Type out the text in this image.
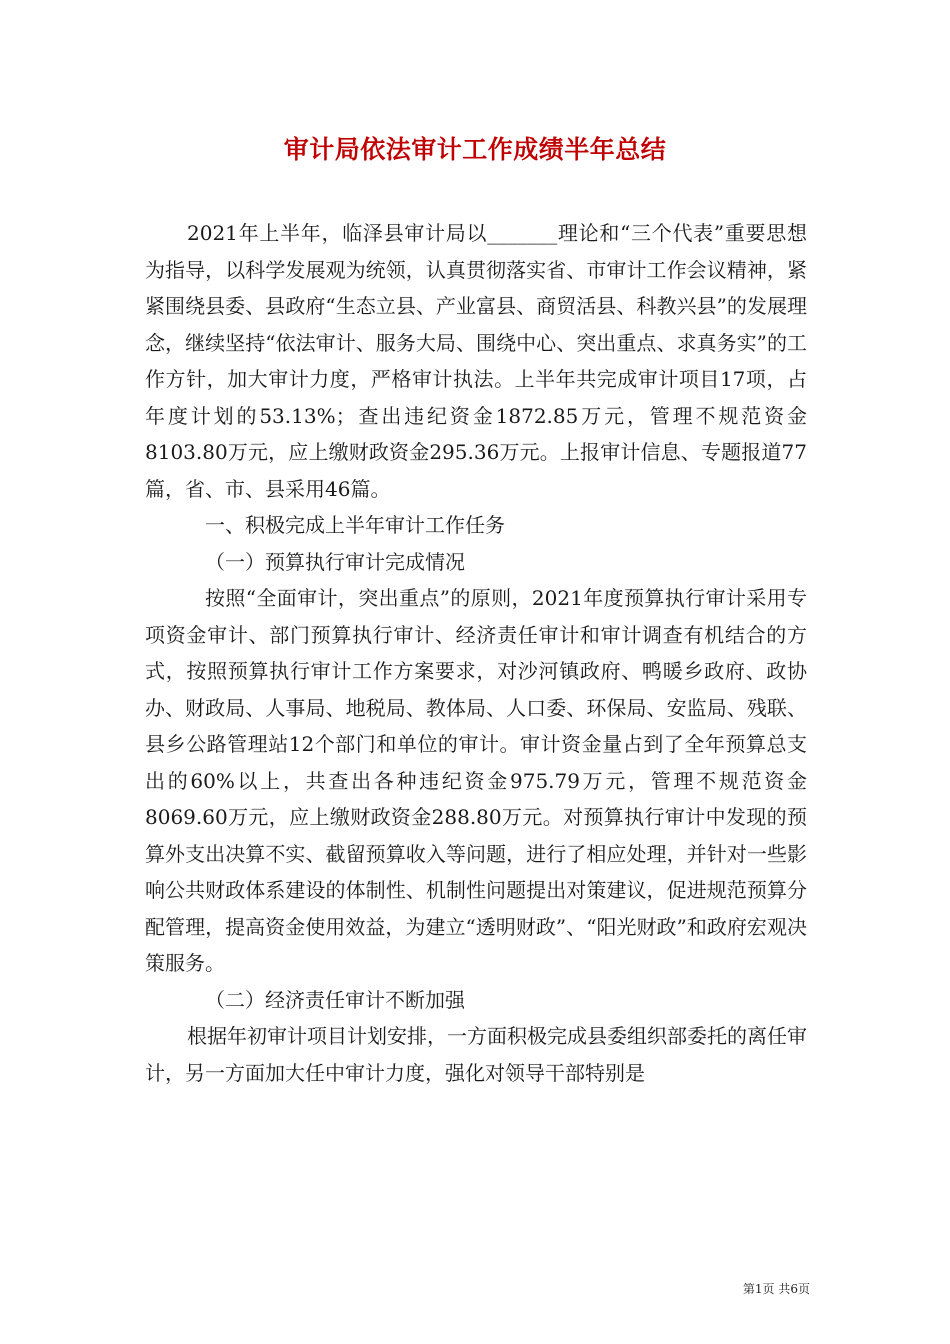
审计局依法审计工作成绩半年总结

2021年上半年，临泽县审计局以_______理论和“三个代表”重要思想为指导，以科学发展观为统领，认真贯彻落实省、市审计工作会议精神，紧紧围绕县委、县政府“生态立县、产业富县、商贸活县、科教兴县”的发展理念，继续坚持“依法审计、服务大局、围绕中心、突出重点、求真务实”的工作方针，加大审计力度，严格审计执法。上半年共完成审计项目17项，占年度计划的53.13%；查出违纪资金1872.85万元，管理不规范资金8103.80万元，应上缴财政资金295.36万元。上报审计信息、专题报道77篇，省、市、县采用46篇。

一、积极完成上半年审计工作任务

（一）预算执行审计完成情况

按照“全面审计，突出重点”的原则，2021年度预算执行审计采用专项资金审计、部门预算执行审计、经济责任审计和审计调查有机结合的方式，按照预算执行审计工作方案要求，对沙河镇政府、鸭暖乡政府、政协办、财政局、人事局、地税局、教体局、人口委、环保局、安监局、残联、县乡公路管理站12个部门和单位的审计。审计资金量占到了全年预算总支出的60%以上，共查出各种违纪资金975.79万元，管理不规范资金8069.60万元，应上缴财政资金288.80万元。对预算执行审计中发现的预算外支出决算不实、截留预算收入等问题，进行了相应处理，并针对一些影响公共财政体系建设的体制性、机制性问题提出对策建议，促进规范预算分配管理，提高资金使用效益，为建立“透明财政”、“阳光财政”和政府宏观决策服务。

（二）经济责任审计不断加强

根据年初审计项目计划安排，一方面积极完成县委组织部委托的离任审计，另一方面加大任中审计力度，强化对领导干部特别是

第1页 共6页
